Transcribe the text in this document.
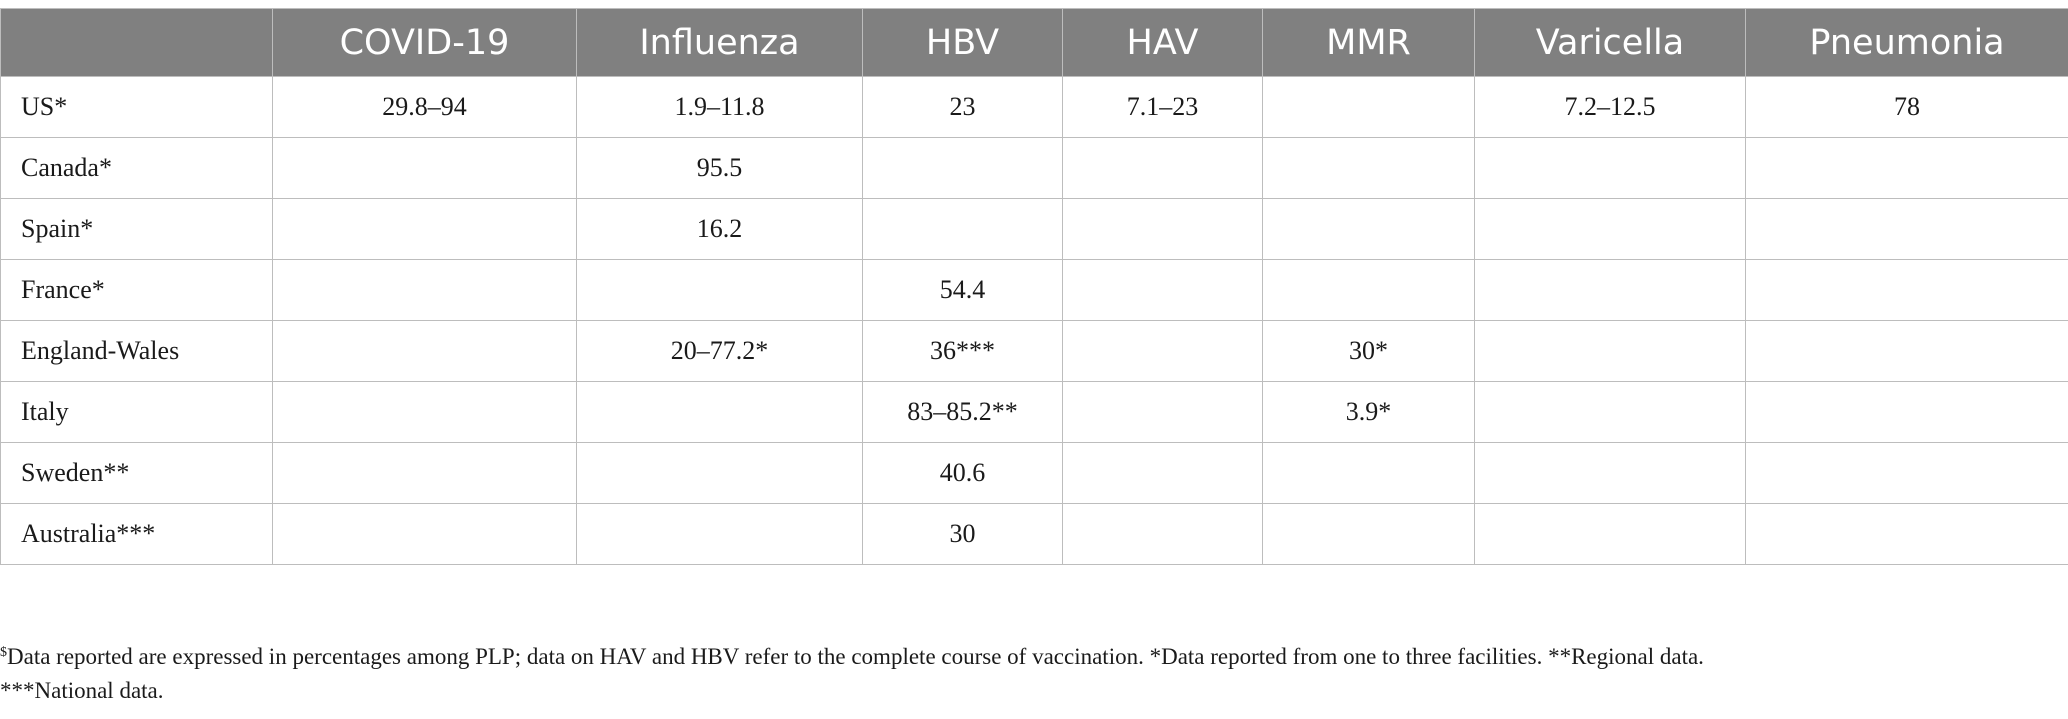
	COVID-19	Influenza	HBV	HAV	MMR	Varicella	Pneumonia
US*	29.8–94	1.9–11.8	23	7.1–23		7.2–12.5	78
Canada*		95.5					
Spain*		16.2					
France*			54.4				
England-Wales		20–77.2*	36***		30*		
Italy			83–85.2**		3.9*		
Sweden**			40.6				
Australia***			30				
$Data reported are expressed in percentages among PLP; data on HAV and HBV refer to the complete course of vaccination. *Data reported from one to three facilities. **Regional data.
***National data.
